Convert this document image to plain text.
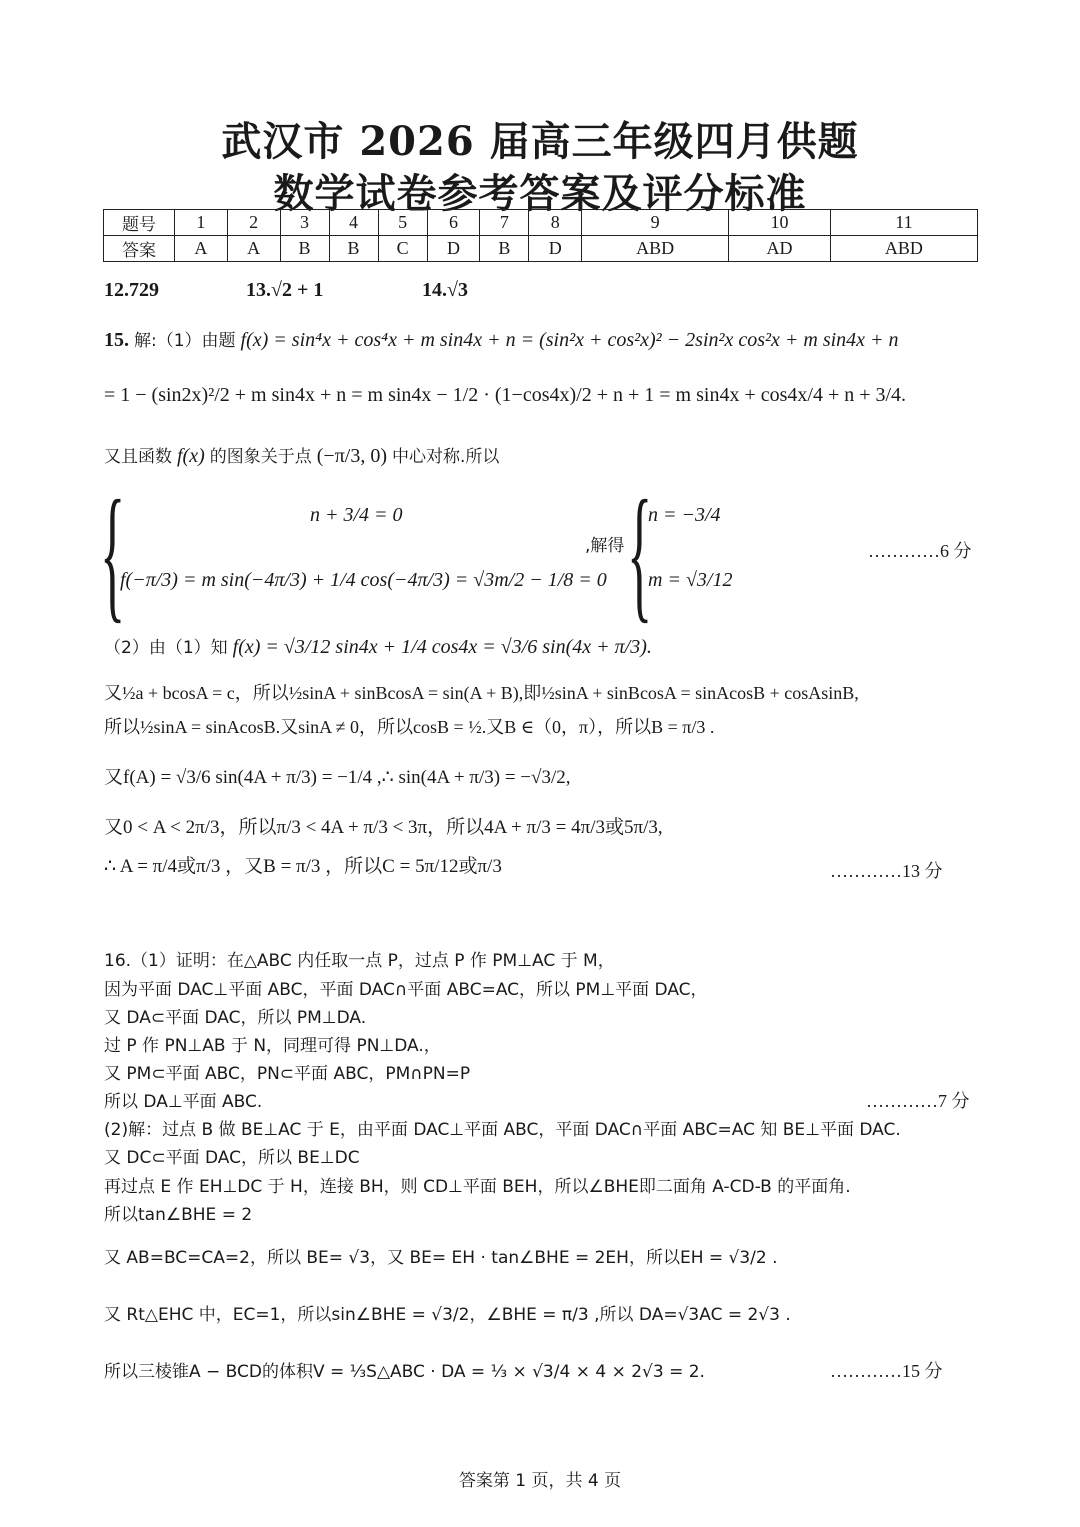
武汉市 2026 届高三年级四月供题
数学试卷参考答案及评分标准
题号	1	2	3	4	5	6	7	8	9	10	11
答案	A	A	B	B	C	D	B	D	ABD	AD	ABD
12.729	13.√2 + 1	14.√3
15. 解:（1）由题 f(x) = sin⁴x + cos⁴x + m sin4x + n = (sin²x + cos²x)² − 2sin²x cos²x + m sin4x + n
= 1 − (sin2x)²/2 + m sin4x + n = m sin4x − 1/2 · (1−cos4x)/2 + n + 1 = m sin4x + cos4x/4 + n + 3/4.
又且函数 f(x) 的图象关于点 (−π/3, 0) 中心对称.所以
{	n + 3/4 = 0
f(−π/3) = m sin(−4π/3) + 1/4 cos(−4π/3) = √3m/2 − 1/8 = 0
,解得 {
n = −3/4
m = √3/12
…………6 分
（2）由（1）知 f(x) = √3/12 sin4x + 1/4 cos4x = √3/6 sin(4x + π/3).
又½a + bcosA = c，所以½sinA + sinBcosA = sin(A + B),即½sinA + sinBcosA = sinAcosB + cosAsinB,
所以½sinA = sinAcosB.又sinA ≠ 0，所以cosB = ½.又B ∈（0，π），所以B = π/3 .
又f(A) = √3/6 sin(4A + π/3) = −1/4 ,∴ sin(4A + π/3) = −√3/2,
又0 < A < 2π/3，所以π/3 < 4A + π/3 < 3π，所以4A + π/3 = 4π/3或5π/3,
∴ A = π/4或π/3 ，又B = π/3 ，所以C = 5π/12或π/3	…………13 分
16.（1）证明：在△ABC 内任取一点 P，过点 P 作 PM⊥AC 于 M，
因为平面 DAC⊥平面 ABC，平面 DAC∩平面 ABC=AC，所以 PM⊥平面 DAC，
又 DA⊂平面 DAC，所以 PM⊥DA.
过 P 作 PN⊥AB 于 N，同理可得 PN⊥DA.，
又 PM⊂平面 ABC，PN⊂平面 ABC，PM∩PN=P
所以 DA⊥平面 ABC.	…………7 分
(2)解：过点 B 做 BE⊥AC 于 E，由平面 DAC⊥平面 ABC，平面 DAC∩平面 ABC=AC 知 BE⊥平面 DAC.
又 DC⊂平面 DAC，所以 BE⊥DC
再过点 E 作 EH⊥DC 于 H，连接 BH，则 CD⊥平面 BEH，所以∠BHE即二面角 A-CD-B 的平面角.
所以tan∠BHE = 2
又 AB=BC=CA=2，所以 BE= √3，又 BE= EH · tan∠BHE = 2EH，所以EH = √3/2 .
又 Rt△EHC 中，EC=1，所以sin∠BHE = √3/2，∠BHE = π/3 ,所以 DA=√3AC = 2√3 .
所以三棱锥A − BCD的体积V = ⅓S△ABC · DA = ⅓ × √3/4 × 4 × 2√3 = 2.	…………15 分
答案第 1 页，共 4 页
